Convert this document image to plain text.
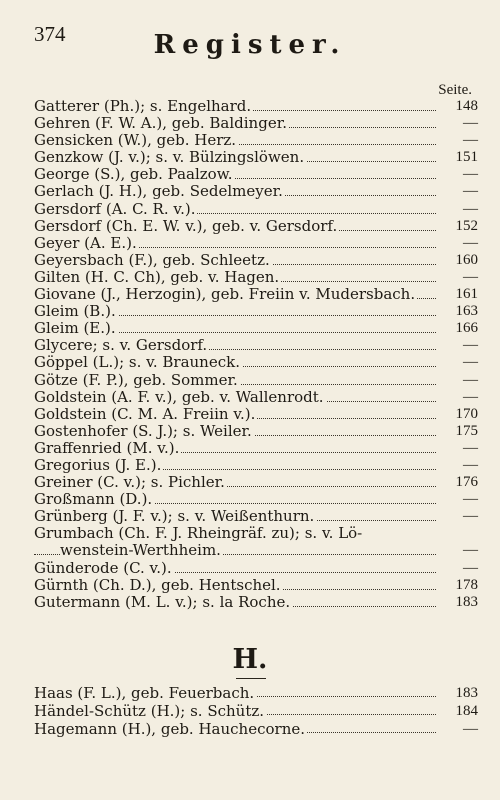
374	Register.
Seite.
Gatterer (Ph.); s. Engelhard.	148
Gehren (F. W. A.), geb. Baldinger.	—
Gensicken (W.), geb. Herz.	—
Genzkow (J. v.); s. v. Bülzingslöwen.	151
George (S.), geb. Paalzow.	—
Gerlach (J. H.), geb. Sedelmeyer.	—
Gersdorf (A. C. R. v.).	—
Gersdorf (Ch. E. W. v.), geb. v. Gersdorf.	152
Geyer (A. E.).	—
Geyersbach (F.), geb. Schleetz.	160
Gilten (H. C. Ch), geb. v. Hagen.	—
Giovane (J., Herzogin), geb. Freiin v. Mudersbach.	161
Gleim (B.).	163
Gleim (E.).	166
Glycere; s. v. Gersdorf.	—
Göppel (L.); s. v. Brauneck.	—
Götze (F. P.), geb. Sommer.	—
Goldstein (A. F. v.), geb. v. Wallenrodt.	—
Goldstein (C. M. A. Freiin v.).	170
Gostenhofer (S. J.); s. Weiler.	175
Graffenried (M. v.).	—
Gregorius (J. E.).	—
Greiner (C. v.); s. Pichler.	176
Großmann (D.).	—
Grünberg (J. F. v.); s. v. Weißenthurn.	—
Grumbach (Ch. F. J. Rheingräf. zu); s. v. Lö-
wenstein-Werthheim.	—
Günderode (C. v.).	—
Gürnth (Ch. D.), geb. Hentschel.	178
Gutermann (M. L. v.); s. la Roche.	183
H.
Haas (F. L.), geb. Feuerbach.	183
Händel-Schütz (H.); s. Schütz.	184
Hagemann (H.), geb. Hauchecorne.	—
